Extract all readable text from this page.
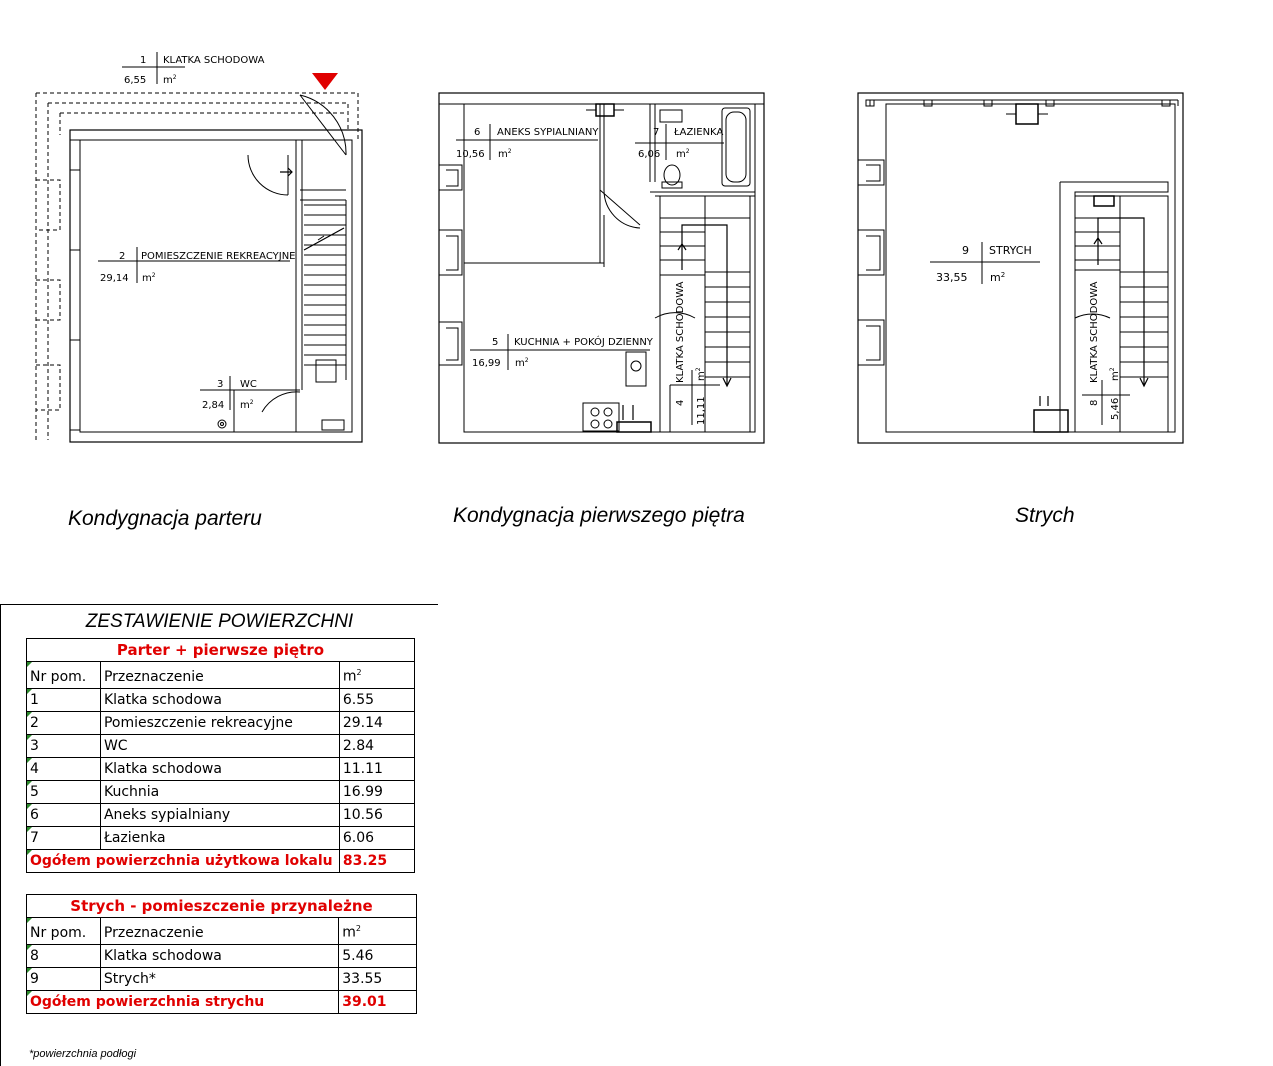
1 KLATKA SCHODOWA
6,55 $m^2$
2 POMIESZCZENIE REKREACYJNE
29,14 $m^2$
3 WC
2,84 $m^2$
6 ANEKS SYPIALNIANY
10,56 $m^2$
7 ŁAZIENKA
6,06 $m^2$
5 KUCHNIA + POKÓJ DZIENNY
16,99 $m^2$	KLATKA SCHODOWA
4 11,11
$m^2$
9 STRYCH
33,55 $m^2$
KLATKA SCHODOWA
8 5,46
$m^2$
Kondygnacja parteru	Kondygnacja pierwszego piętra	Strych
ZESTAWIENIE POWIERZCHNI
Parter + pierwsze piętro		
Nr pom.	Przeznaczenie	$m^2$
1	Klatka schodowa	6.55
2	Pomieszczenie rekreacyjne	29.14
3	WC	2.84
4	Klatka schodowa	11.11
5	Kuchnia	16.99
6	Aneks sypialniany	10.56
7	Łazienka	6.06
Ogółem powierzchnia użytkowa lokalu		83.25
Strych - pomieszczenie przynależne		
Nr pom.	Przeznaczenie	$m^2$
8	Klatka schodowa	5.46
9	Strych*	33.55
Ogółem powierzchnia strychu		39.01
*powierzchnia podłogi
